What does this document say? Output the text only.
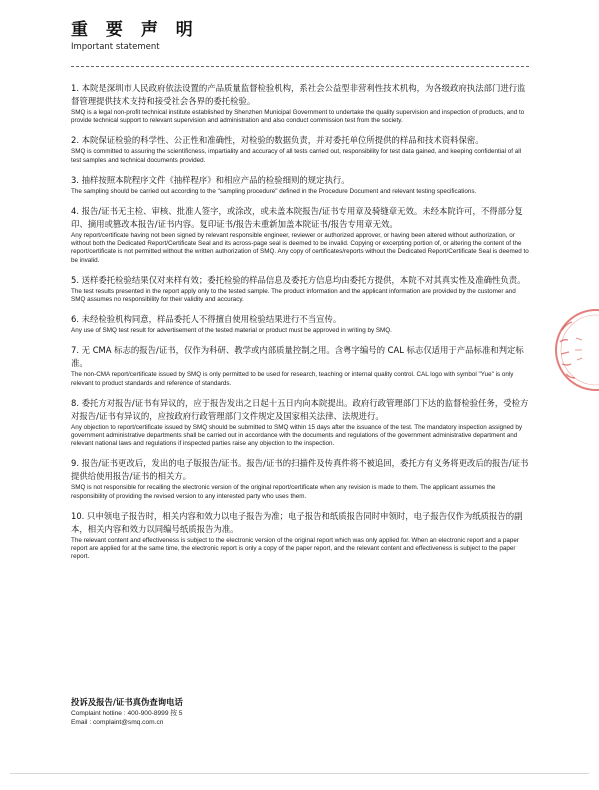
重 要 声 明
Important statement

1. 本院是深圳市人民政府依法设置的产品质量监督检验机构，系社会公益型非营利性技术机构，为各级政府执法部门进行监督管理提供技术支持和接受社会各界的委托检验。

SMQ is a legal non-profit technical institute established by Shenzhen Municipal Government to undertake the quality supervision and inspection of products, and to provide technical support to relevant supervision and administration and also conduct commission test from the society.

2. 本院保证检验的科学性、公正性和准确性，对检验的数据负责，并对委托单位所提供的样品和技术资料保密。

SMQ is committed to assuring the scientificness, impartiality and accuracy of all tests carried out, responsibility for test data gained, and keeping confidential of all test samples and technical documents provided.

3. 抽样按照本院程序文件《抽样程序》和相应产品的检验细则的规定执行。

The sampling should be carried out according to the "sampling procedure" defined in the Procedure Document and relevant testing specifications.

4. 报告/证书无主检、审核、批准人签字，或涂改，或未盖本院报告/证书专用章及骑缝章无效。未经本院许可，不得部分复印、摘用或篡改本报告/证书内容。复印证书/报告未重新加盖本院证书/报告专用章无效。

Any report/certificate having not been signed by relevant responsible engineer, reviewer or authorized approver, or having been altered without authorization, or without both the Dedicated Report/Certificate Seal and its across-page seal is deemed to be invalid. Copying or excerpting portion of, or altering the content of the report/certificate is not permitted without the written authorization of SMQ. Any copy of certificates/reports without the Dedicated Report/Certificate Seal is deemed to be invalid.

5. 送样委托检验结果仅对来样有效；委托检验的样品信息及委托方信息均由委托方提供，本院不对其真实性及准确性负责。

The test results presented in the report apply only to the tested sample. The product information and the applicant information are provided by the customer and SMQ assumes no responsibility for their validity and accuracy.

6. 未经检验机构同意，样品委托人不得擅自使用检验结果进行不当宣传。

Any use of SMQ test result for advertisement of the tested material or product must be approved in writing by SMQ.

7. 无 CMA 标志的报告/证书，仅作为科研、教学或内部质量控制之用。含粤字编号的 CAL 标志仅适用于产品标准和判定标准。

The non-CMA report/certificate issued by SMQ is only permitted to be used for research, teaching or internal quality control. CAL logo with symbol "Yue" is only relevant to product standards and reference of standards.

8. 委托方对报告/证书有异议的，应于报告发出之日起十五日内向本院提出。政府行政管理部门下达的监督检验任务，受检方对报告/证书有异议的，应按政府行政管理部门文件规定及国家相关法律、法规进行。

Any objection to report/certificate issued by SMQ should be submitted to SMQ within 15 days after the issuance of the test. The mandatory inspection assigned by government administrative departments shall be carried out in accordance with the documents and regulations of the government administrative department and relevant national laws and regulations if inspected parties raise any objection to the inspection.

9. 报告/证书更改后，发出的电子版报告/证书。报告/证书的扫描件及传真件将不被追回，委托方有义务将更改后的报告/证书提供给使用报告/证书的相关方。

SMQ is not responsible for recalling the electronic version of the original report/certificate when any revision is made to them. The applicant assumes the responsibility of providing the revised version to any interested party who uses them.

10. 只申领电子报告时，相关内容和效力以电子报告为准；电子报告和纸质报告同时申领时，电子报告仅作为纸质报告的副本，相关内容和效力以同编号纸质报告为准。

The relevant content and effectiveness is subject to the electronic version of the original report which was only applied for. When an electronic report and a paper report are applied for at the same time, the electronic report is only a copy of the paper report, and the relevant content and effectiveness is subject to the paper report.

投诉及报告/证书真伪查询电话
Complaint hotline : 400-900-8999 按 5
Email : complaint@smq.com.cn
